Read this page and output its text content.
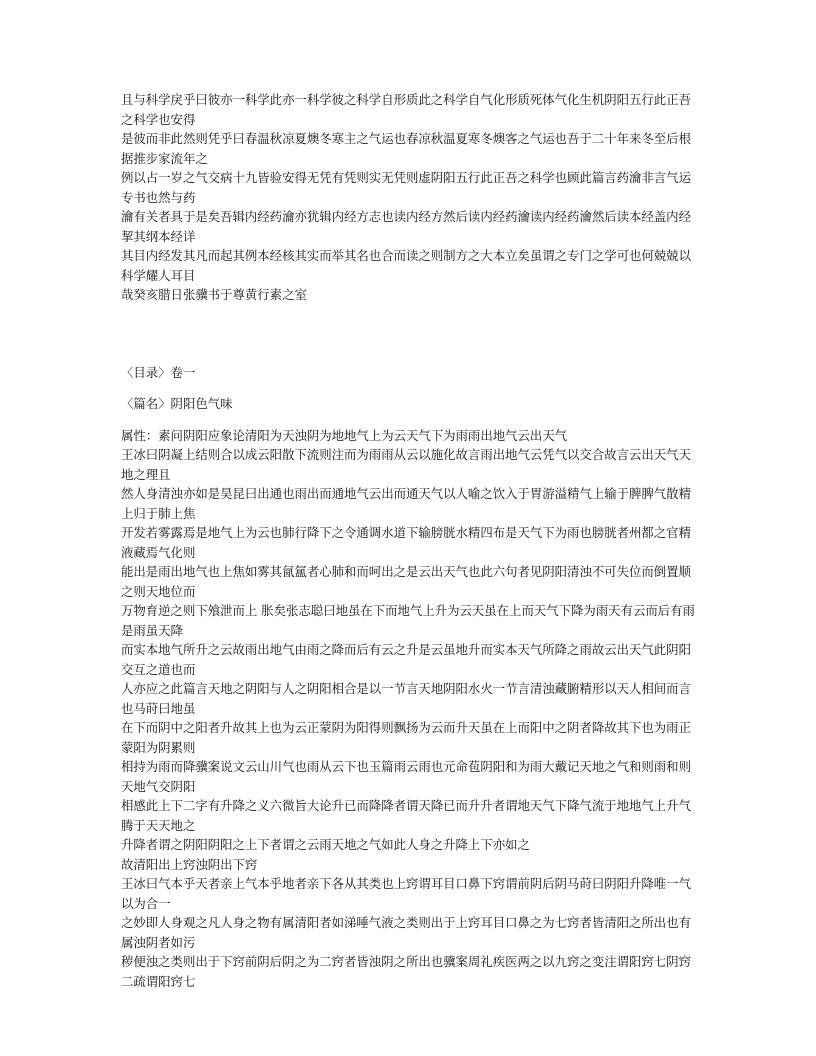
且与科学戾乎曰彼亦一科学此亦一科学彼之科学自形质此之科学自气化形质死体气化生机阴阳五行此正吾之科学也安得

是彼而非此然则凭乎曰春温秋凉夏燠冬寒主之气运也春凉秋温夏寒冬燠客之气运也吾于二十年来冬至后根据推步家流年之

例以占一岁之气交病十九皆验安得无凭有凭则实无凭则虚阴阳五行此正吾之科学也顾此篇言药瀹非言气运专书也然与药

瀹有关者具于是矣吾辑内经药瀹亦犹辑内经方志也读内经方然后读内经药瀹读内经药瀹然后读本经盖内经挈其纲本经详

其目内经发其凡而起其例本经核其实而举其名也合而读之则制方之大本立矣虽谓之专门之学可也何兢兢以科学耀人耳目

哉癸亥腊日张骥书于尊黄行素之室

〈目录〉卷一

〈篇名〉阴阳色气味

属性：素问阴阳应象论清阳为天浊阴为地地气上为云天气下为雨雨出地气云出天气

王冰曰阴凝上结则合以成云阳散下流则注而为雨雨从云以施化故言雨出地气云凭气以交合故言云出天气天地之理且

然人身清浊亦如是昊昆曰出通也雨出而通地气云出而通天气以人喻之饮入于胃游溢精气上输于脾脾气散精上归于肺上焦

开发若雾露焉是地气上为云也肺行降下之令通调水道下输膀胱水精四布是天气下为雨也膀胱者州都之官精液藏焉气化则

能出是雨出地气也上焦如雾其氤氲者心肺和而呵出之是云出天气也此六句者见阴阳清浊不可失位而倒置顺之则天地位而

万物育逆之则下飧泄而上 胀矣张志聪曰地虽在下而地气上升为云天虽在上而天气下降为雨天有云而后有雨是雨虽天降

而实本地气所升之云故雨出地气由雨之降而后有云之升是云虽地升而实本天气所降之雨故云出天气此阴阳交互之道也而

人亦应之此篇言天地之阴阳与人之阴阳相合是以一节言天地阴阳水火一节言清浊藏腑精形以天人相间而言也马莳曰地虽

在下而阴中之阳者升故其上也为云正蒙阴为阳得则飘扬为云而升天虽在上而阳中之阴者降故其下也为雨正蒙阳为阴累则

相持为雨而降骥案说文云山川气也雨从云下也玉篇雨云雨也元命苞阴阳和为雨大戴记天地之气和则雨和则天地气交阴阳

相感此上下二字有升降之义六微旨大论升已而降降者谓天降已而升升者谓地天气下降气流于地地气上升气腾于天天地之

升降者谓之阴阳阴阳之上下者谓之云雨天地之气如此人身之升降上下亦如之

故清阳出上窍浊阴出下窍

王冰曰气本乎天者亲上气本乎地者亲下各从其类也上窍谓耳目口鼻下窍谓前阴后阴马莳曰阴阳升降唯一气以为合一

之妙即人身观之凡人身之物有属清阳者如涕唾气液之类则出于上窍耳目口鼻之为七窍者皆清阳之所出也有属浊阴者如污

秽便浊之类则出于下窍前阴后阴之为二窍者皆浊阴之所出也骥案周礼疾医两之以九窍之变注谓阳窍七阴窍二疏谓阳窍七
